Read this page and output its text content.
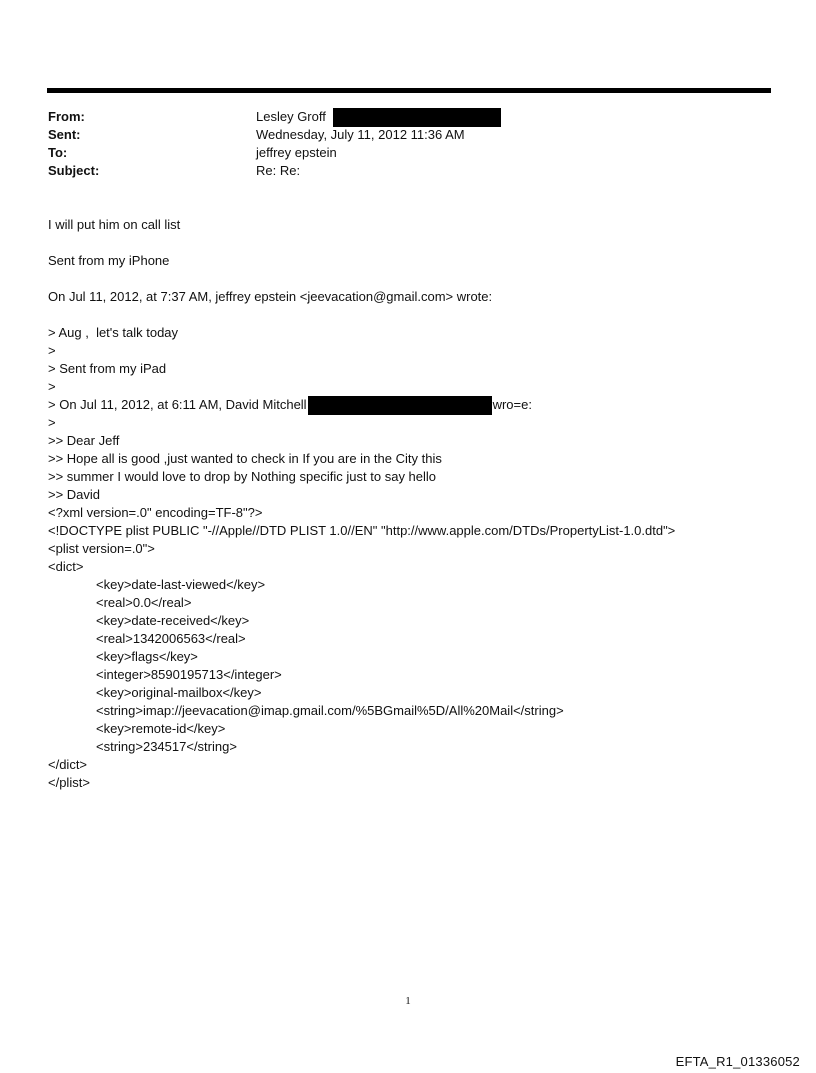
From:	Lesley Groff
Sent:	Wednesday, July 11, 2012 11:36 AM
To:	jeffrey epstein
Subject:	Re: Re:
I will put him on call list
Sent from my iPhone
On Jul 11, 2012, at 7:37 AM, jeffrey epstein <jeevacation@gmail.com> wrote:
> Aug ,  let's talk today
>
> Sent from my iPad
>
> On Jul 11, 2012, at 6:11 AM, David Mitchell	wro=e:
>
>> Dear Jeff
>> Hope all is good ,just wanted to check in If you are in the City this
>> summer I would love to drop by Nothing specific just to say hello
>> David
<?xml version=.0" encoding=TF-8"?>
<!DOCTYPE plist PUBLIC "-//Apple//DTD PLIST 1.0//EN" "http://www.apple.com/DTDs/PropertyList-1.0.dtd">
<plist version=.0">
<dict>
<key>date-last-viewed</key>
<real>0.0</real>
<key>date-received</key>
<real>1342006563</real>
<key>flags</key>
<integer>8590195713</integer>
<key>original-mailbox</key>
<string>imap://jeevacation@imap.gmail.com/%5BGmail%5D/All%20Mail</string>
<key>remote-id</key>
<string>234517</string>
</dict>
</plist>
1
EFTA_R1_01336052
